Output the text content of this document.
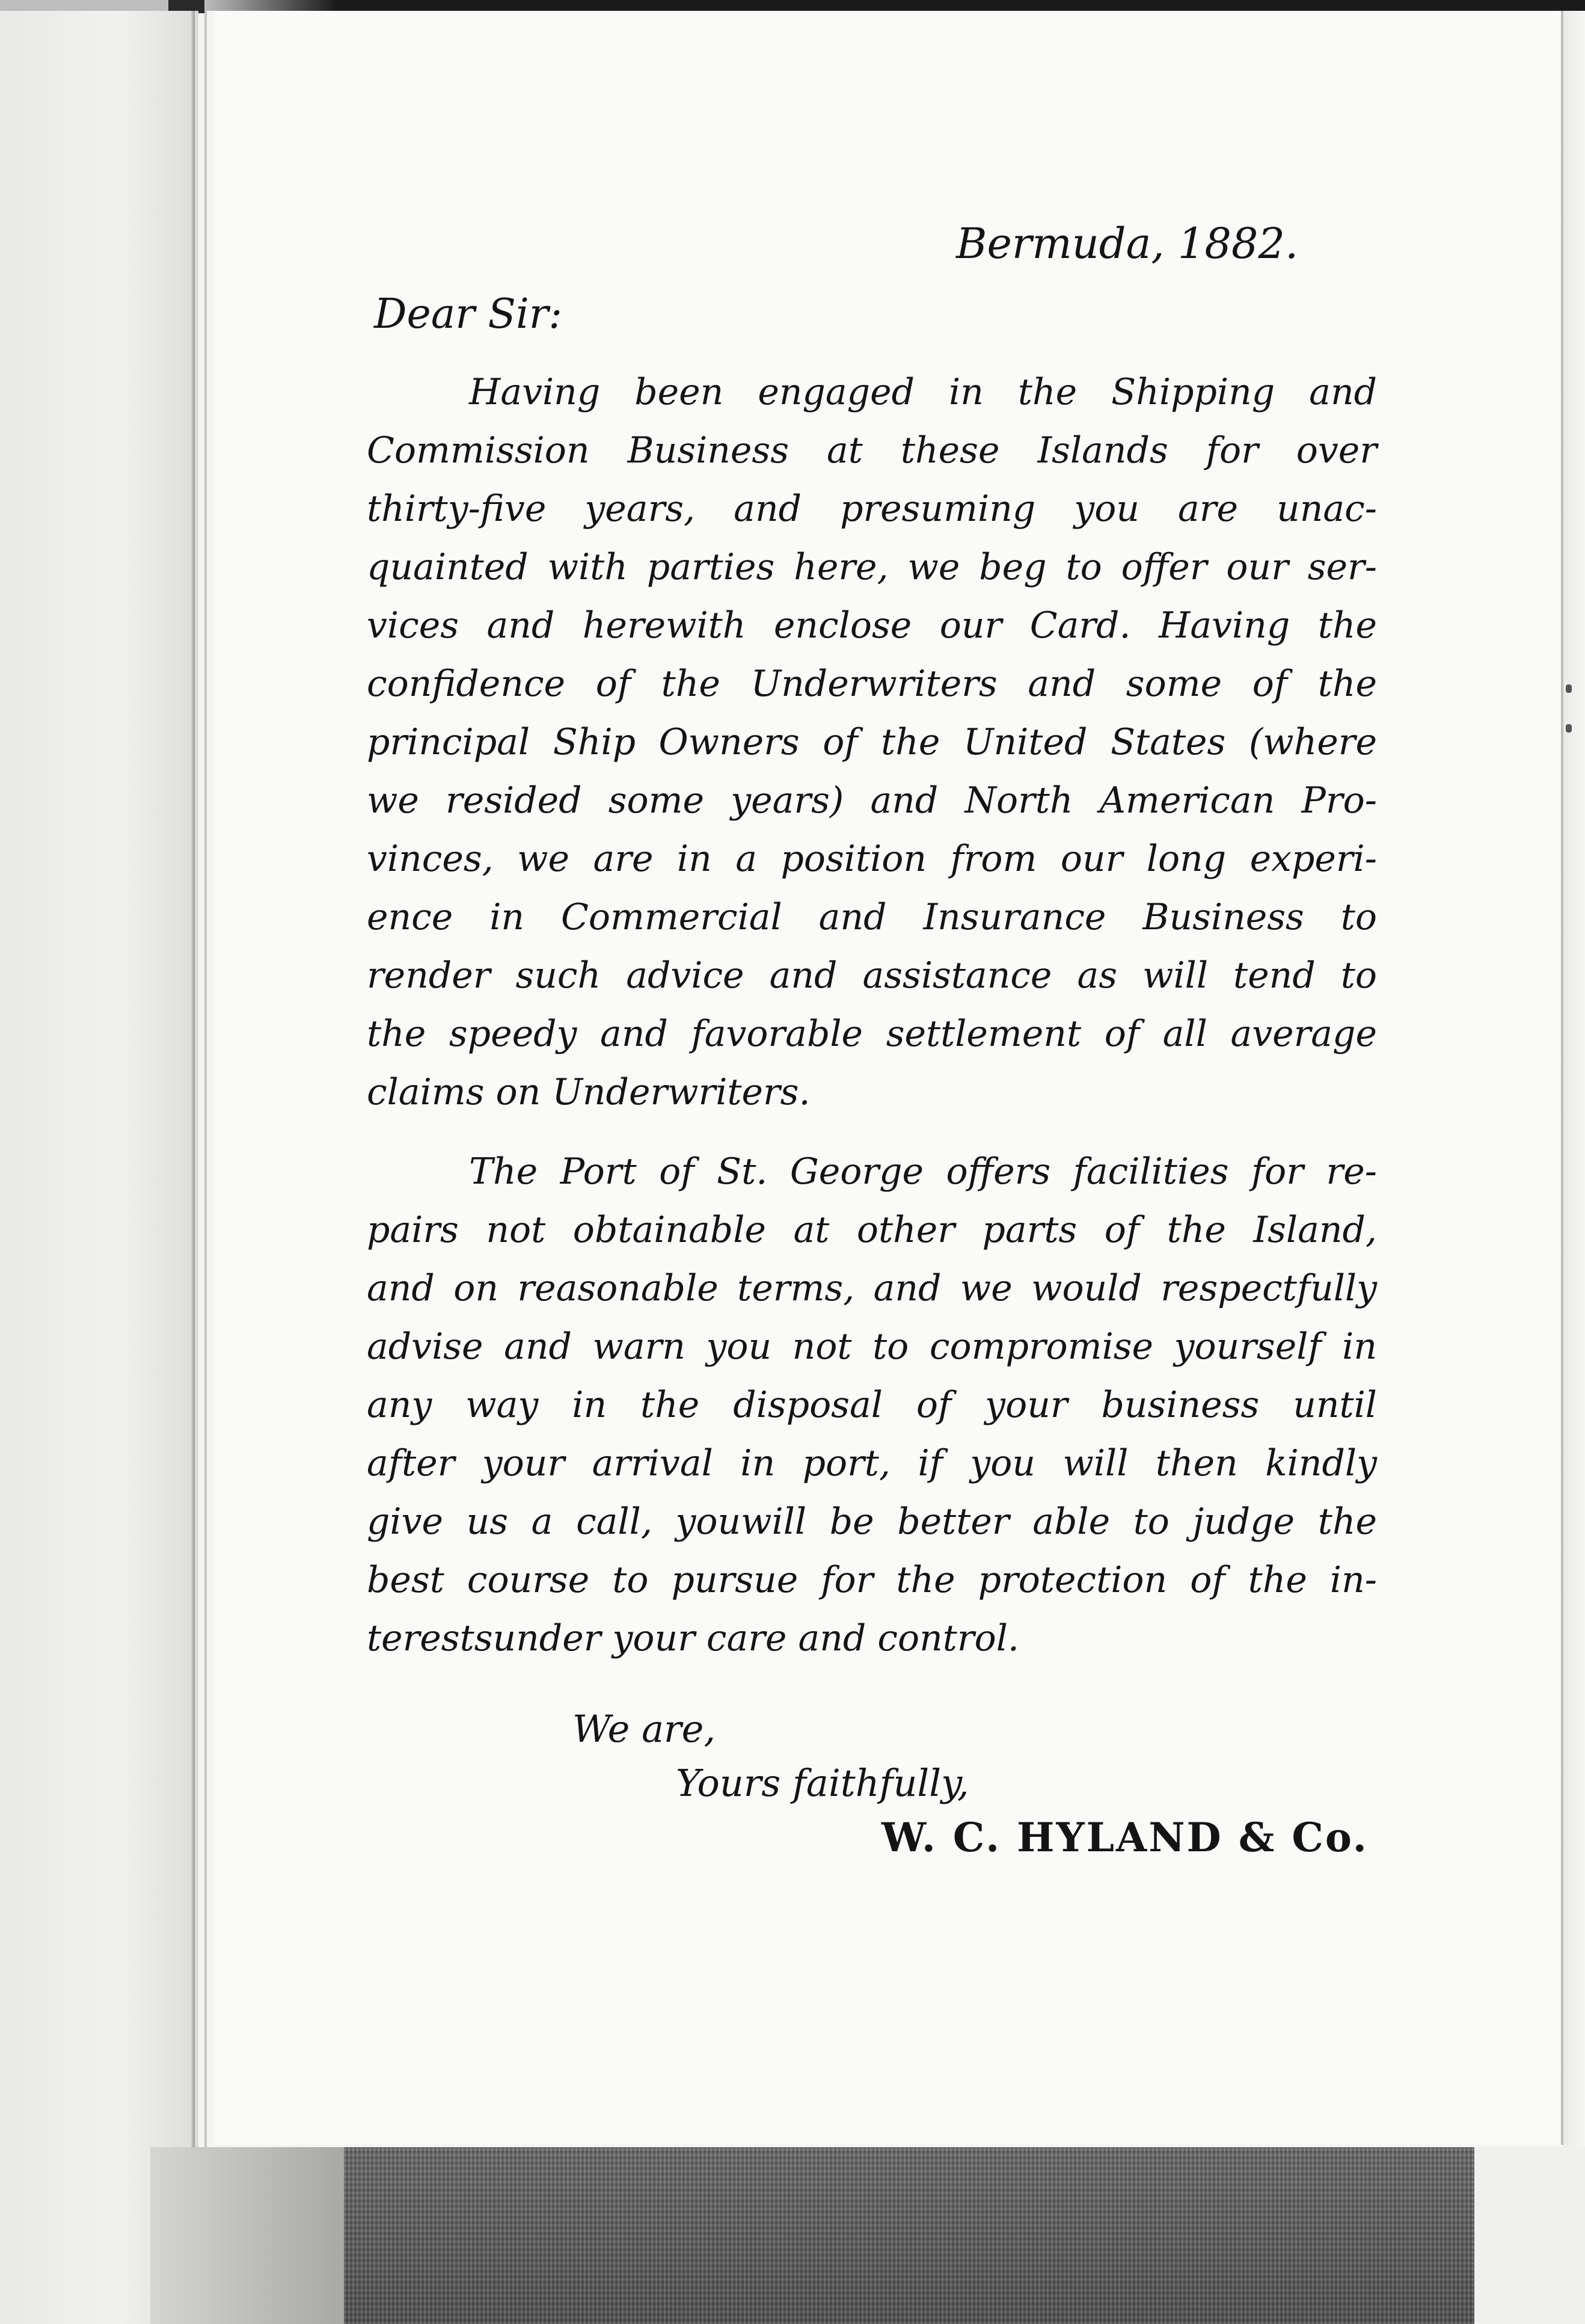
Bermuda, 1882.
Dear Sir:
Having been engaged in the Shipping and
Commission Business at these Islands for over
thirty-five years, and presuming you are unac-
quainted with parties here, we beg to offer our ser-
vices and herewith enclose our Card. Having the
confidence of the Underwriters and some of the
principal Ship Owners of the United States (where
we resided some years) and North American Pro-
vinces, we are in a position from our long experi-
ence in Commercial and Insurance Business to
render such advice and assistance as will tend to
the speedy and favorable settlement of all average
claims on Underwriters.
The Port of St. George offers facilities for re-
pairs not obtainable at other parts of the Island,
and on reasonable terms, and we would respectfully
advise and warn you not to compromise yourself in
any way in the disposal of your business until
after your arrival in port, if you will then kindly
give us a call, youwill be better able to judge the
best course to pursue for the protection of the in-
terestsunder your care and control.
We are,
Yours faithfully,
W. C. HYLAND & Co.
